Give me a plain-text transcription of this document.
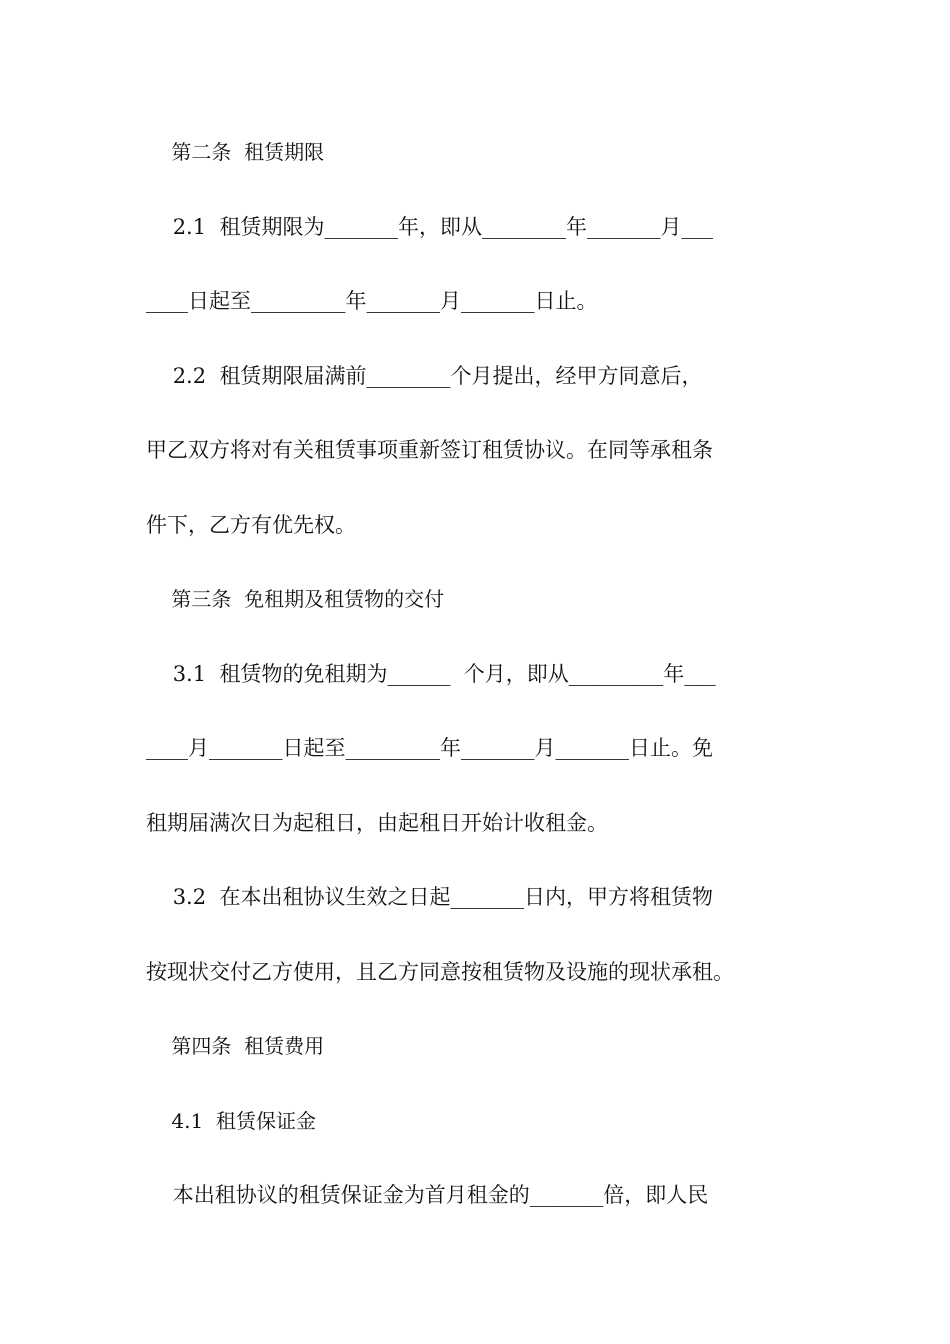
第二条  租赁期限
2.1  租赁期限为_______年，即从________年_______月___
____日起至_________年_______月_______日止。
2.2  租赁期限届满前________个月提出，经甲方同意后，
甲乙双方将对有关租赁事项重新签订租赁协议。在同等承租条
件下，乙方有优先权。
第三条  免租期及租赁物的交付
3.1  租赁物的免租期为______  个月，即从_________年___
____月_______日起至_________年_______月_______日止。免
租期届满次日为起租日，由起租日开始计收租金。
3.2  在本出租协议生效之日起_______日内，甲方将租赁物
按现状交付乙方使用，且乙方同意按租赁物及设施的现状承租。
第四条  租赁费用
4.1  租赁保证金
本出租协议的租赁保证金为首月租金的_______倍，即人民
